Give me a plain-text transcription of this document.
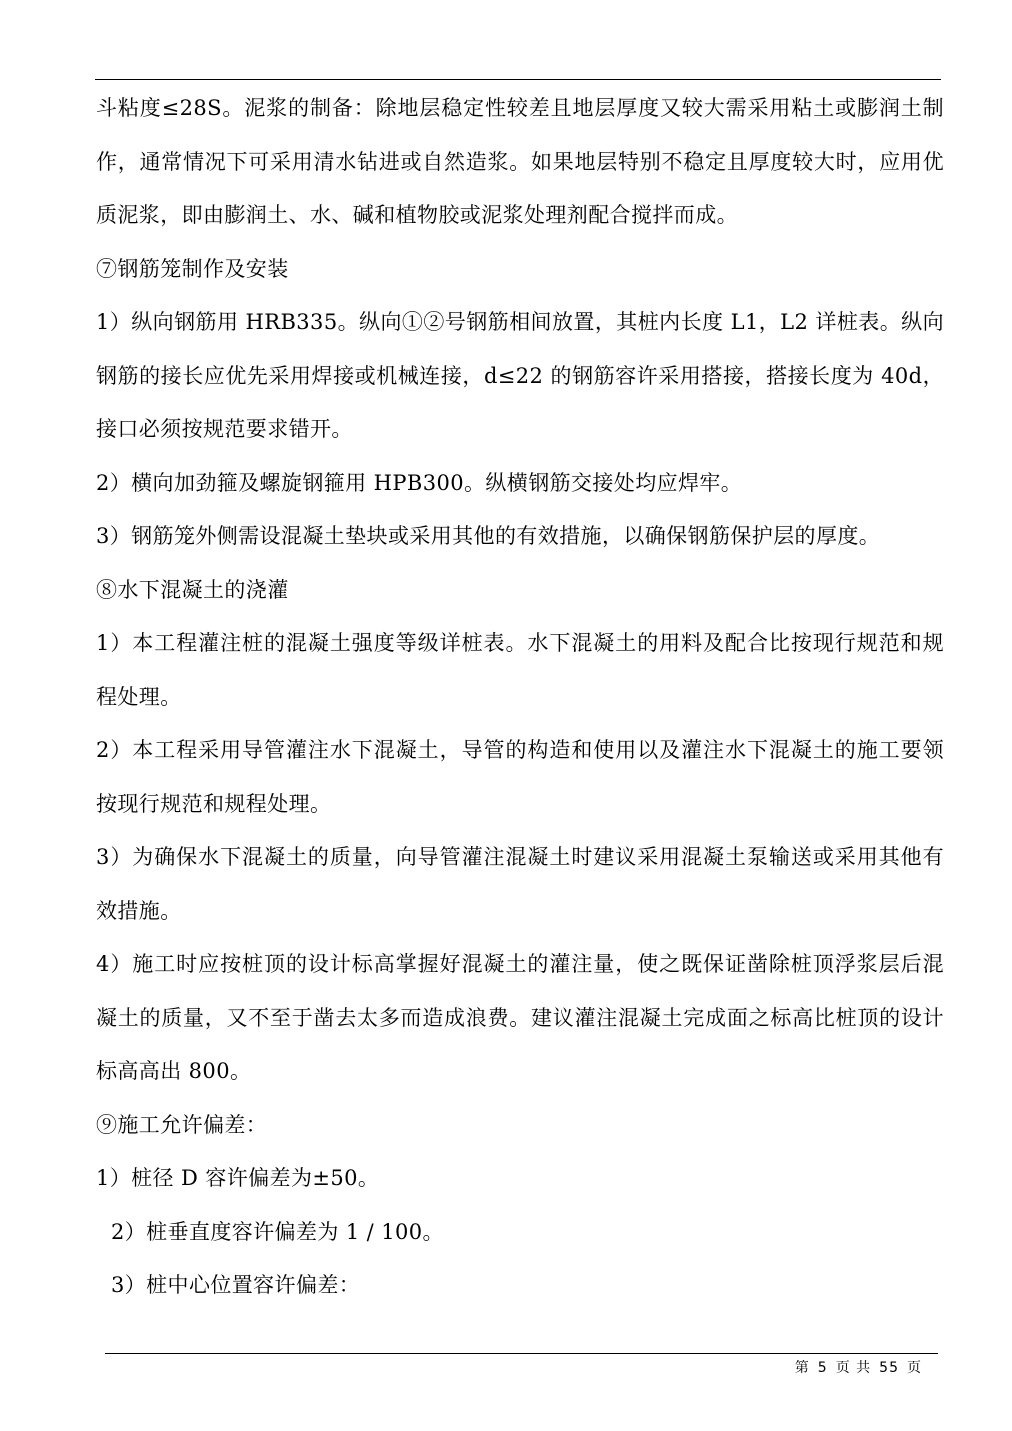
斗粘度≤28S。泥浆的制备：除地层稳定性较差且地层厚度又较大需采用粘土或膨润土制作，通常情况下可采用清水钻进或自然造浆。如果地层特别不稳定且厚度较大时，应用优质泥浆，即由膨润土、水、碱和植物胶或泥浆处理剂配合搅拌而成。

⑦钢筋笼制作及安装

1）纵向钢筋用 HRB335。纵向①②号钢筋相间放置，其桩内长度 L1，L2 详桩表。纵向钢筋的接长应优先采用焊接或机械连接，d≤22 的钢筋容许采用搭接，搭接长度为 40d，接口必须按规范要求错开。

2）横向加劲箍及螺旋钢箍用 HPB300。纵横钢筋交接处均应焊牢。

3）钢筋笼外侧需设混凝土垫块或采用其他的有效措施，以确保钢筋保护层的厚度。

⑧水下混凝土的浇灌

1）本工程灌注桩的混凝土强度等级详桩表。水下混凝土的用料及配合比按现行规范和规程处理。

2）本工程采用导管灌注水下混凝土，导管的构造和使用以及灌注水下混凝土的施工要领按现行规范和规程处理。

3）为确保水下混凝土的质量，向导管灌注混凝土时建议采用混凝土泵输送或采用其他有效措施。

4）施工时应按桩顶的设计标高掌握好混凝土的灌注量，使之既保证凿除桩顶浮浆层后混凝土的质量，又不至于凿去太多而造成浪费。建议灌注混凝土完成面之标高比桩顶的设计标高高出 800。

⑨施工允许偏差：

1）桩径 D 容许偏差为±50。

2）桩垂直度容许偏差为 1 / 100。

3）桩中心位置容许偏差：

第 5 页 共 55 页
